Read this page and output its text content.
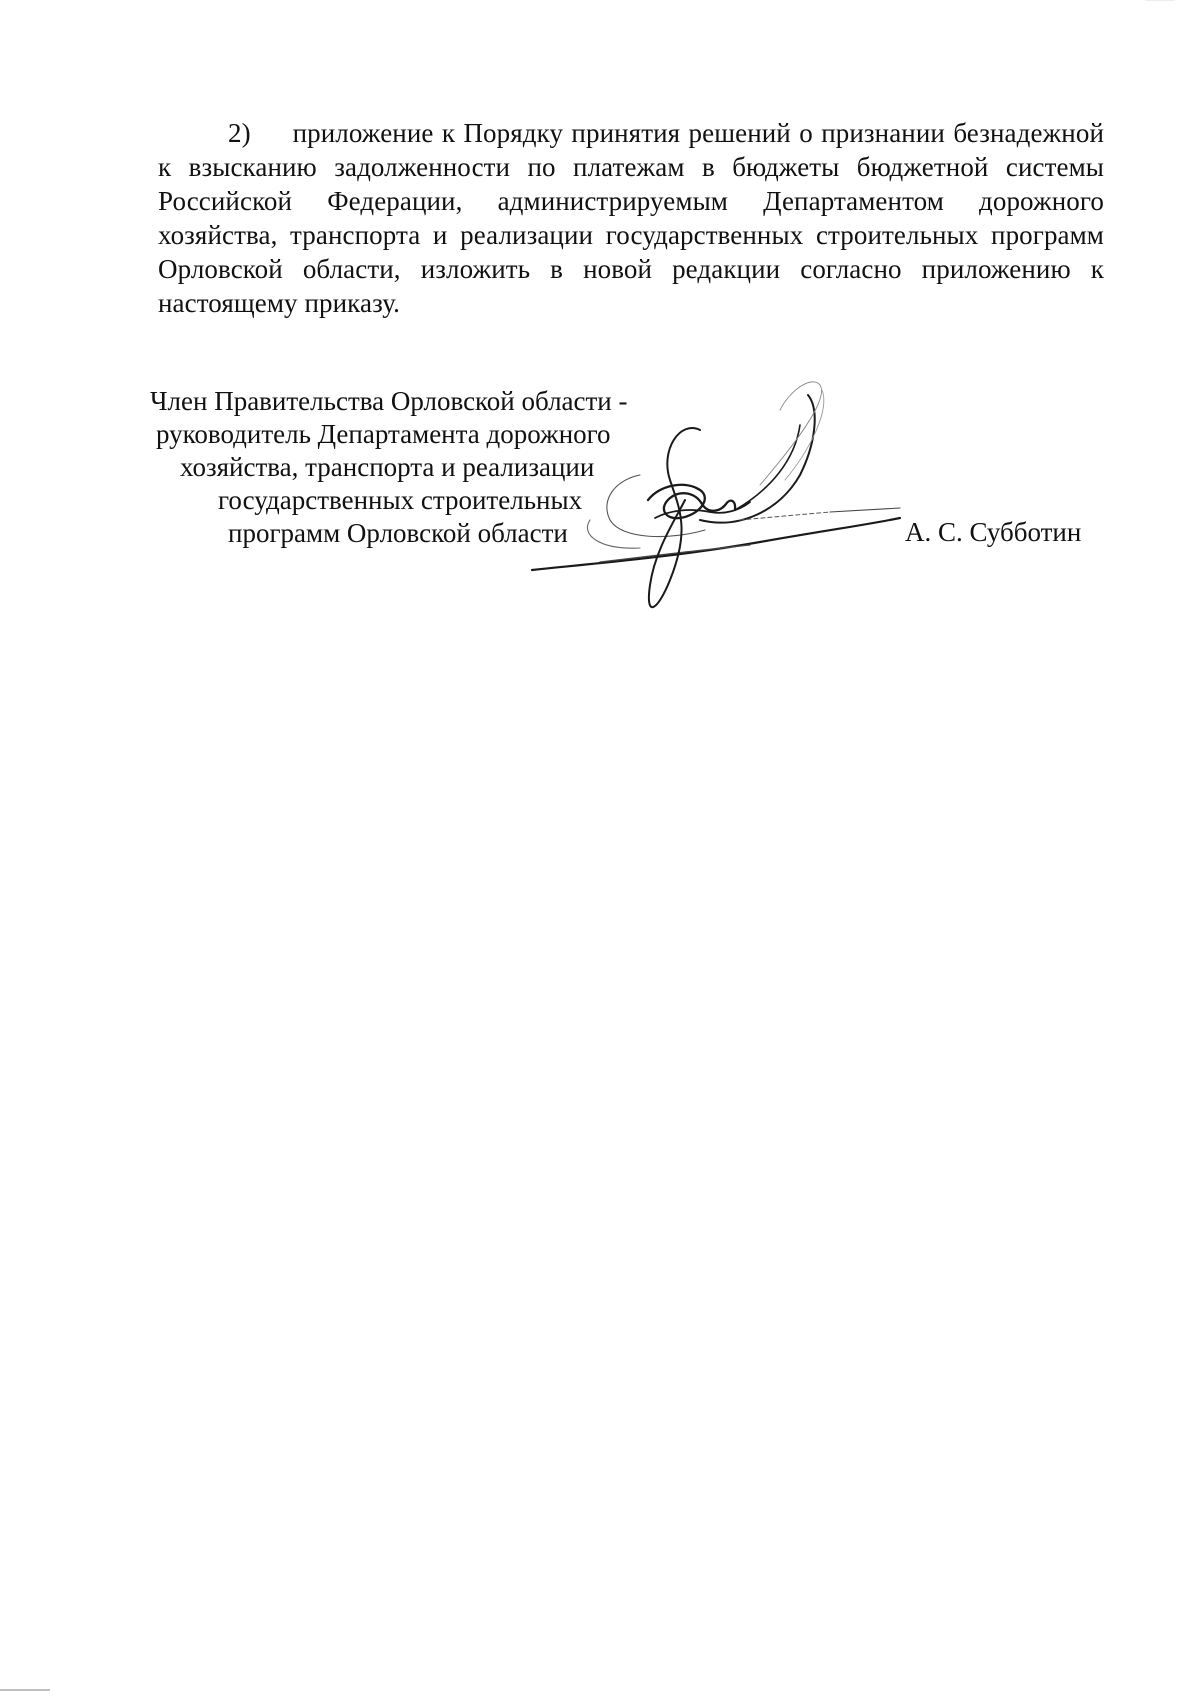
2) приложение к Порядку принятия решений о признании безнадежной к взысканию задолженности по платежам в бюджеты бюджетной системы Российской Федерации, администрируемым Департаментом дорожного хозяйства, транспорта и реализации государственных строительных программ Орловской области, изложить в новой редакции согласно приложению к настоящему приказу.

Член Правительства Орловской области -
руководитель Департамента дорожного
хозяйства, транспорта и реализации
государственных строительных
программ Орловской области	А. С. Субботин
